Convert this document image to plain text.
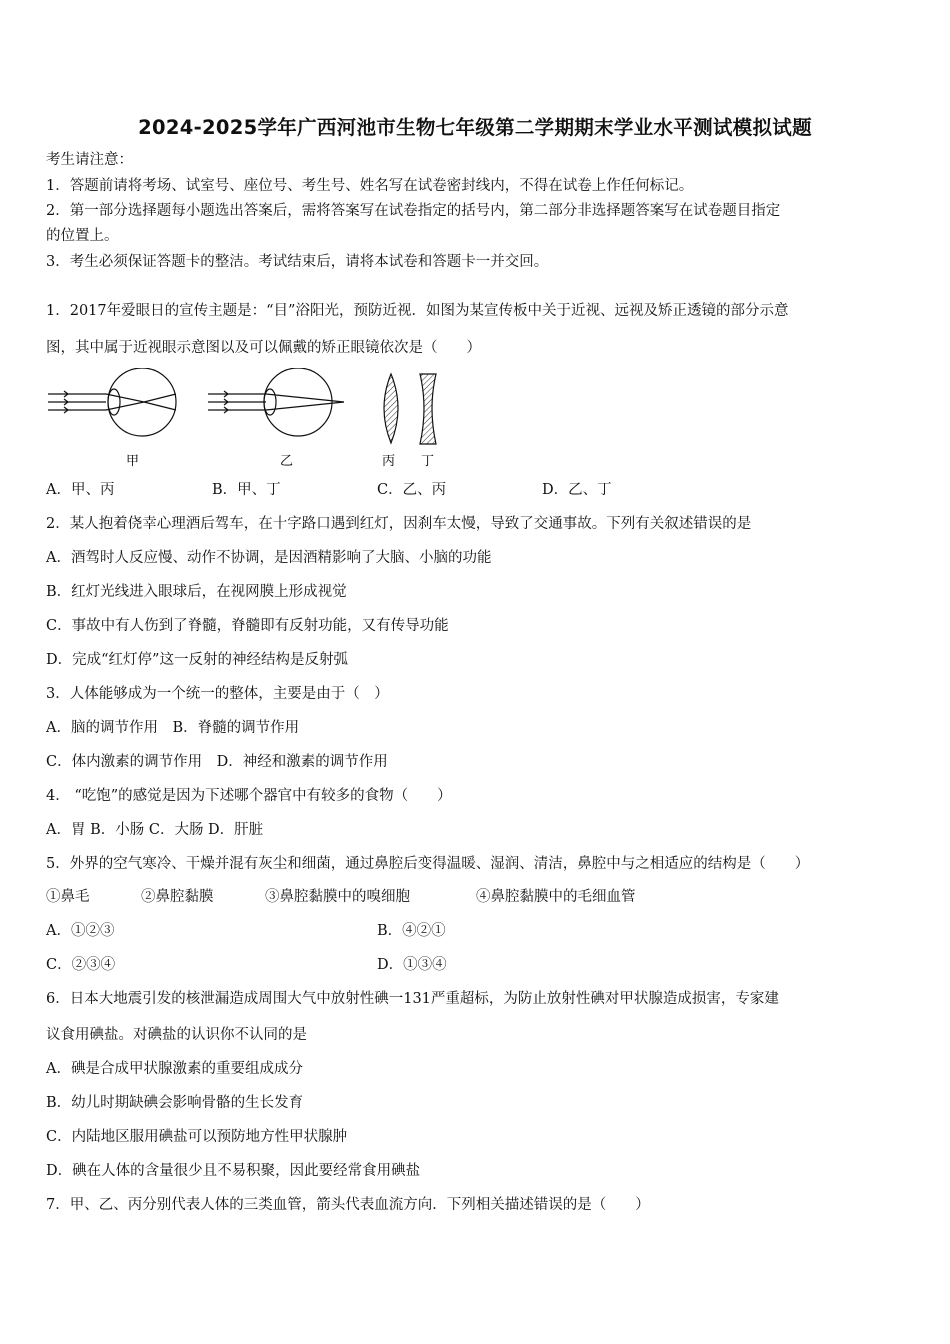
2024-2025学年广西河池市生物七年级第二学期期末学业水平测试模拟试题
考生请注意：
1．答题前请将考场、试室号、座位号、考生号、姓名写在试卷密封线内，不得在试卷上作任何标记。
2．第一部分选择题每小题选出答案后，需将答案写在试卷指定的括号内，第二部分非选择题答案写在试卷题目指定
的位置上。
3．考生必须保证答题卡的整洁。考试结束后，请将本试卷和答题卡一并交回。
1．2017年爱眼日的宣传主题是：“目”浴阳光，预防近视．如图为某宣传板中关于近视、远视及矫正透镜的部分示意
图，其中属于近视眼示意图以及可以佩戴的矫正眼镜依次是（　　）
甲	乙	丙 丁
A．甲、丙	B．甲、丁	C．乙、丙	D．乙、丁
2．某人抱着侥幸心理酒后驾车，在十字路口遇到红灯，因刹车太慢，导致了交通事故。下列有关叙述错误的是
A．酒驾时人反应慢、动作不协调，是因酒精影响了大脑、小脑的功能
B．红灯光线进入眼球后，在视网膜上形成视觉
C．事故中有人伤到了脊髓，脊髓即有反射功能，又有传导功能
D．完成“红灯停”这一反射的神经结构是反射弧
3．人体能够成为一个统一的整体，主要是由于（　）
A．脑的调节作用　B．脊髓的调节作用
C．体内激素的调节作用　D．神经和激素的调节作用
4． “吃饱”的感觉是因为下述哪个器官中有较多的食物（　　）
A．胃 B．小肠 C．大肠 D．肝脏
5．外界的空气寒冷、干燥并混有灰尘和细菌，通过鼻腔后变得温暖、湿润、清洁，鼻腔中与之相适应的结构是（　　）
①鼻毛	②鼻腔黏膜	③鼻腔黏膜中的嗅细胞	④鼻腔黏膜中的毛细血管
A．①②③	B．④②①
C．②③④	D．①③④
6．日本大地震引发的核泄漏造成周围大气中放射性碘一131严重超标，为防止放射性碘对甲状腺造成损害，专家建
议食用碘盐。对碘盐的认识你不认同的是
A．碘是合成甲状腺激素的重要组成成分
B．幼儿时期缺碘会影响骨骼的生长发育
C．内陆地区服用碘盐可以预防地方性甲状腺肿
D．碘在人体的含量很少且不易积聚，因此要经常食用碘盐
7．甲、乙、丙分别代表人体的三类血管，箭头代表血流方向．下列相关描述错误的是（　　）
